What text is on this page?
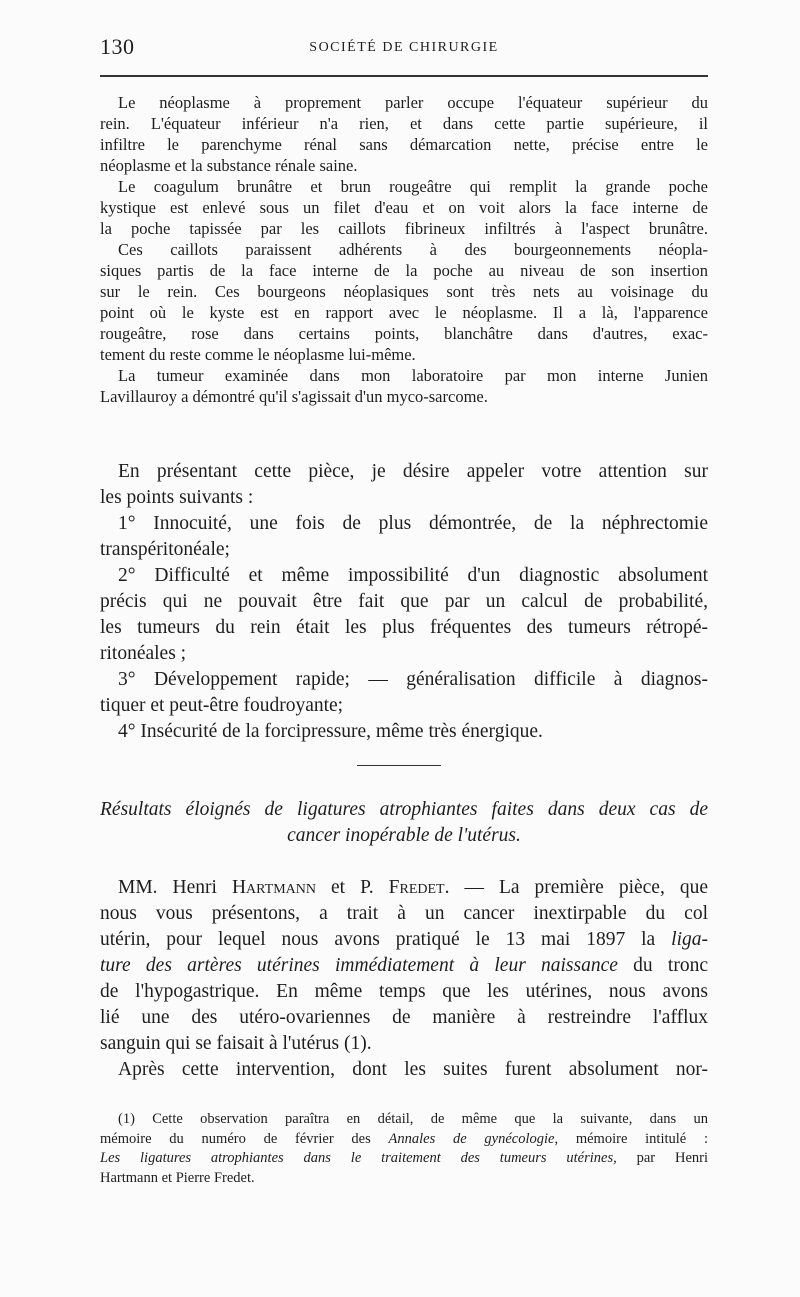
130	SOCIÉTÉ DE CHIRURGIE
Le néoplasme à proprement parler occupe l'équateur supérieur du
rein. L'équateur inférieur n'a rien, et dans cette partie supérieure, il
infiltre le parenchyme rénal sans démarcation nette, précise entre le
néoplasme et la substance rénale saine.
Le coagulum brunâtre et brun rougeâtre qui remplit la grande poche
kystique est enlevé sous un filet d'eau et on voit alors la face interne de
la poche tapissée par les caillots fibrineux infiltrés à l'aspect brunâtre.
Ces caillots paraissent adhérents à des bourgeonnements néopla-
siques partis de la face interne de la poche au niveau de son insertion
sur le rein. Ces bourgeons néoplasiques sont très nets au voisinage du
point où le kyste est en rapport avec le néoplasme. Il a là, l'apparence
rougeâtre, rose dans certains points, blanchâtre dans d'autres, exac-
tement du reste comme le néoplasme lui-même.
La tumeur examinée dans mon laboratoire par mon interne Junien
Lavillauroy a démontré qu'il s'agissait d'un myco-sarcome.
En présentant cette pièce, je désire appeler votre attention sur
les points suivants :
1° Innocuité, une fois de plus démontrée, de la néphrectomie
transpéritonéale;
2° Difficulté et même impossibilité d'un diagnostic absolument
précis qui ne pouvait être fait que par un calcul de probabilité,
les tumeurs du rein était les plus fréquentes des tumeurs rétropé-
ritonéales ;
3° Développement rapide; — généralisation difficile à diagnos-
tiquer et peut-être foudroyante;
4° Insécurité de la forcipressure, même très énergique.
Résultats éloignés de ligatures atrophiantes faites dans deux cas de
cancer inopérable de l'utérus.
MM. Henri Hartmann et P. Fredet. — La première pièce, que
nous vous présentons, a trait à un cancer inextirpable du col
utérin, pour lequel nous avons pratiqué le 13 mai 1897 la liga-
ture des artères utérines immédiatement à leur naissance du tronc
de l'hypogastrique. En même temps que les utérines, nous avons
lié une des utéro-ovariennes de manière à restreindre l'afflux
sanguin qui se faisait à l'utérus (1).
Après cette intervention, dont les suites furent absolument nor-
(1) Cette observation paraîtra en détail, de même que la suivante, dans un
mémoire du numéro de février des Annales de gynécologie, mémoire intitulé :
Les ligatures atrophiantes dans le traitement des tumeurs utérines, par Henri
Hartmann et Pierre Fredet.
